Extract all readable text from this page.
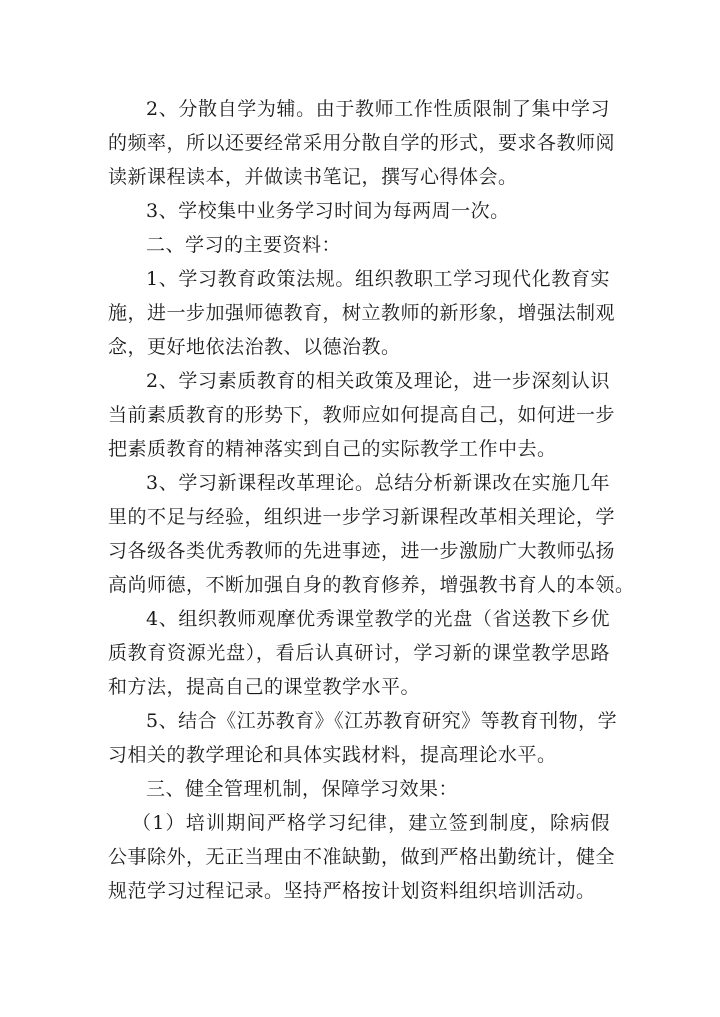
2、分散自学为辅。由于教师工作性质限制了集中学习
的频率，所以还要经常采用分散自学的形式，要求各教师阅
读新课程读本，并做读书笔记，撰写心得体会。
3、学校集中业务学习时间为每两周一次。
二、学习的主要资料：
1、学习教育政策法规。组织教职工学习现代化教育实
施，进一步加强师德教育，树立教师的新形象，增强法制观
念，更好地依法治教、以德治教。
2、学习素质教育的相关政策及理论，进一步深刻认识
当前素质教育的形势下，教师应如何提高自己，如何进一步
把素质教育的精神落实到自己的实际教学工作中去。
3、学习新课程改革理论。总结分析新课改在实施几年
里的不足与经验，组织进一步学习新课程改革相关理论，学
习各级各类优秀教师的先进事迹，进一步激励广大教师弘扬
高尚师德，不断加强自身的教育修养，增强教书育人的本领。
4、组织教师观摩优秀课堂教学的光盘（省送教下乡优
质教育资源光盘），看后认真研讨，学习新的课堂教学思路
和方法，提高自己的课堂教学水平。
5、结合《江苏教育》《江苏教育研究》等教育刊物，学
习相关的教学理论和具体实践材料，提高理论水平。
三、健全管理机制，保障学习效果：
（1）培训期间严格学习纪律，建立签到制度，除病假
公事除外，无正当理由不准缺勤，做到严格出勤统计，健全
规范学习过程记录。坚持严格按计划资料组织培训活动。
